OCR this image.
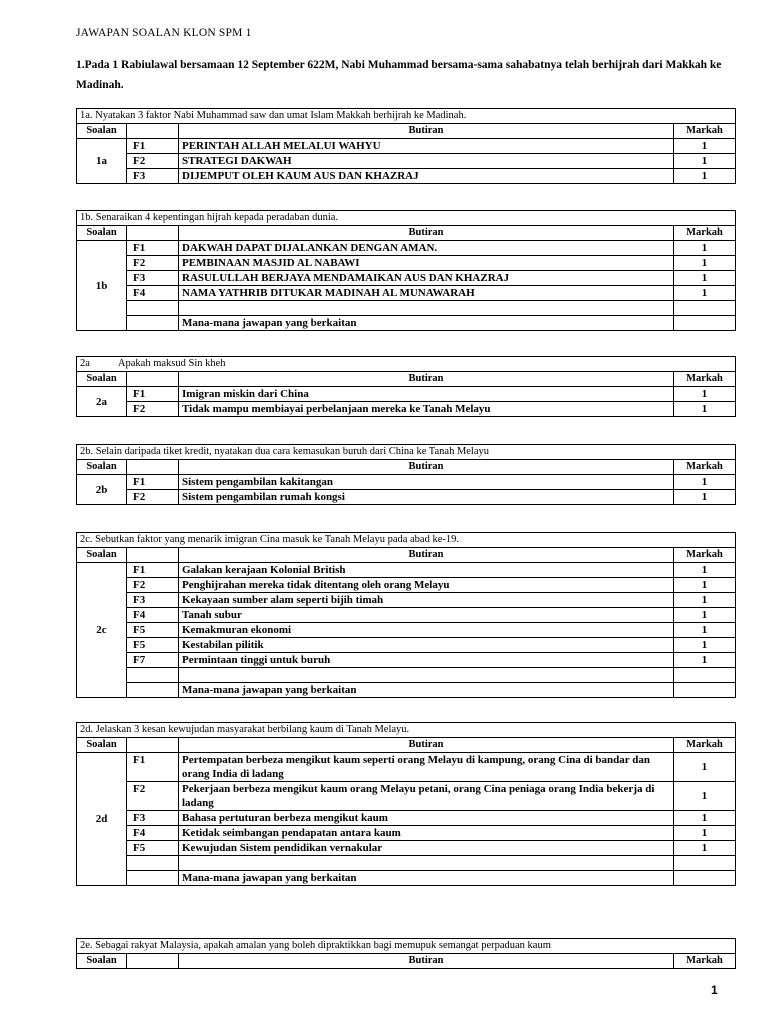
JAWAPAN SOALAN KLON SPM 1
1.Pada 1 Rabiulawal bersamaan 12 September 622M, Nabi Muhammad bersama-sama sahabatnya telah berhijrah dari Makkah ke Madinah.
1a. Nyatakan 3 faktor Nabi Muhammad saw dan umat Islam Makkah berhijrah ke Madinah.			
Soalan		Butiran	Markah
1a	F1	PERINTAH ALLAH MELALUI WAHYU	1
	F2	STRATEGI DAKWAH	1
	F3	DIJEMPUT OLEH KAUM AUS DAN KHAZRAJ	1
1b. Senaraikan 4 kepentingan hijrah kepada peradaban dunia.			
Soalan		Butiran	Markah
1b	F1	DAKWAH DAPAT DIJALANKAN DENGAN AMAN.	1
	F2	PEMBINAAN MASJID AL NABAWI	1
	F3	RASULULLAH BERJAYA MENDAMAIKAN AUS DAN KHAZRAJ	1
	F4	NAMA YATHRIB DITUKAR MADINAH AL MUNAWARAH	1

		Mana-mana jawapan yang berkaitan	
2a Apakah maksud Sin kheh			
Soalan		Butiran	Markah
2a	F1	Imigran miskin dari China	1
	F2	Tidak mampu membiayai perbelanjaan mereka ke Tanah Melayu	1
2b. Selain daripada tiket kredit, nyatakan dua cara kemasukan buruh dari China ke Tanah Melayu			
Soalan		Butiran	Markah
2b	F1	Sistem pengambilan kakitangan	1
	F2	Sistem pengambilan rumah kongsi	1
2c. Sebutkan faktor yang menarik imigran Cina masuk ke Tanah Melayu pada abad ke-19.			
Soalan		Butiran	Markah
2c	F1	Galakan kerajaan Kolonial British	1
	F2	Penghijrahan mereka tidak ditentang oleh orang Melayu	1
	F3	Kekayaan sumber alam seperti bijih timah	1
	F4	Tanah subur	1
	F5	Kemakmuran ekonomi	1
	F5	Kestabilan pilitik	1
	F7	Permintaan tinggi untuk buruh	1

		Mana-mana jawapan yang berkaitan	
2d. Jelaskan 3 kesan kewujudan masyarakat berbilang kaum di Tanah Melayu.			
Soalan		Butiran	Markah
2d	F1	Pertempatan berbeza mengikut kaum seperti orang Melayu di kampung, orang Cina di bandar dan orang India di ladang	1
	F2	Pekerjaan berbeza mengikut kaum orang Melayu petani, orang Cina peniaga orang India bekerja di ladang	1
	F3	Bahasa pertuturan berbeza mengikut kaum	1
	F4	Ketidak seimbangan pendapatan antara kaum	1
	F5	Kewujudan Sistem pendidikan vernakular	1

		Mana-mana jawapan yang berkaitan	
2e. Sebagai rakyat Malaysia, apakah amalan yang boleh dipraktikkan bagi memupuk semangat perpaduan kaum
Soalan		Butiran	Markah
1
